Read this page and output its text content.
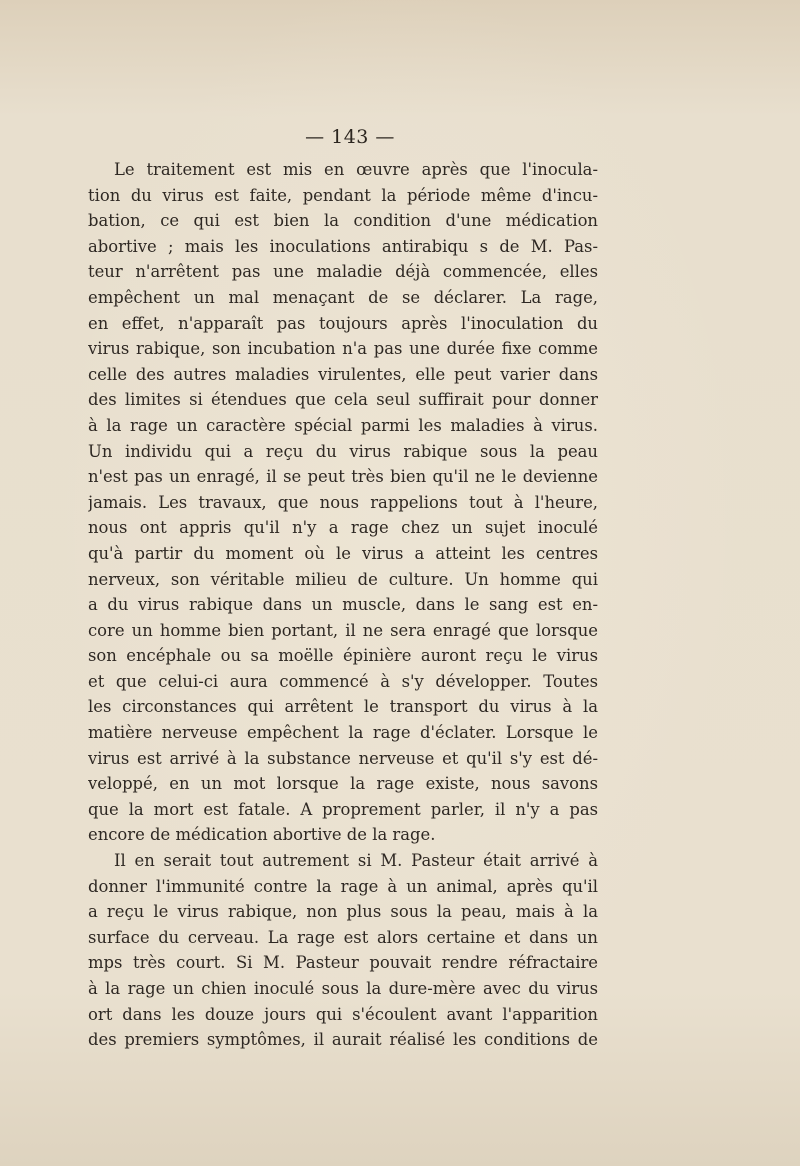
— 143 —
Le traitement est mis en œuvre après que l'inocula-
tion du virus est faite, pendant la période même d'incu-
bation, ce qui est bien la condition d'une médication
abortive ; mais les inoculations antirabiqu s de M. Pas-
teur n'arrêtent pas une maladie déjà commencée, elles
empêchent un mal menaçant de se déclarer. La rage,
en effet, n'apparaît pas toujours après l'inoculation du
virus rabique, son incubation n'a pas une durée fixe comme
celle des autres maladies virulentes, elle peut varier dans
des limites si étendues que cela seul suffirait pour donner
à la rage un caractère spécial parmi les maladies à virus.
Un individu qui a reçu du virus rabique sous la peau
n'est pas un enragé, il se peut très bien qu'il ne le devienne
jamais. Les travaux, que nous rappelions tout à l'heure,
nous ont appris qu'il n'y a rage chez un sujet inoculé
qu'à partir du moment où le virus a atteint les centres
nerveux, son véritable milieu de culture. Un homme qui
a du virus rabique dans un muscle, dans le sang est en-
core un homme bien portant, il ne sera enragé que lorsque
son encéphale ou sa moëlle épinière auront reçu le virus
et que celui-ci aura commencé à s'y développer. Toutes
les circonstances qui arrêtent le transport du virus à la
matière nerveuse empêchent la rage d'éclater. Lorsque le
virus est arrivé à la substance nerveuse et qu'il s'y est dé-
veloppé, en un mot lorsque la rage existe, nous savons
que la mort est fatale. A proprement parler, il n'y a pas
encore de médication abortive de la rage.
Il en serait tout autrement si M. Pasteur était arrivé à
donner l'immunité contre la rage à un animal, après qu'il
a reçu le virus rabique, non plus sous la peau, mais à la
surface du cerveau. La rage est alors certaine et dans un
mps très court. Si M. Pasteur pouvait rendre réfractaire
à la rage un chien inoculé sous la dure-mère avec du virus
ort dans les douze jours qui s'écoulent avant l'apparition
des premiers symptômes, il aurait réalisé les conditions de
